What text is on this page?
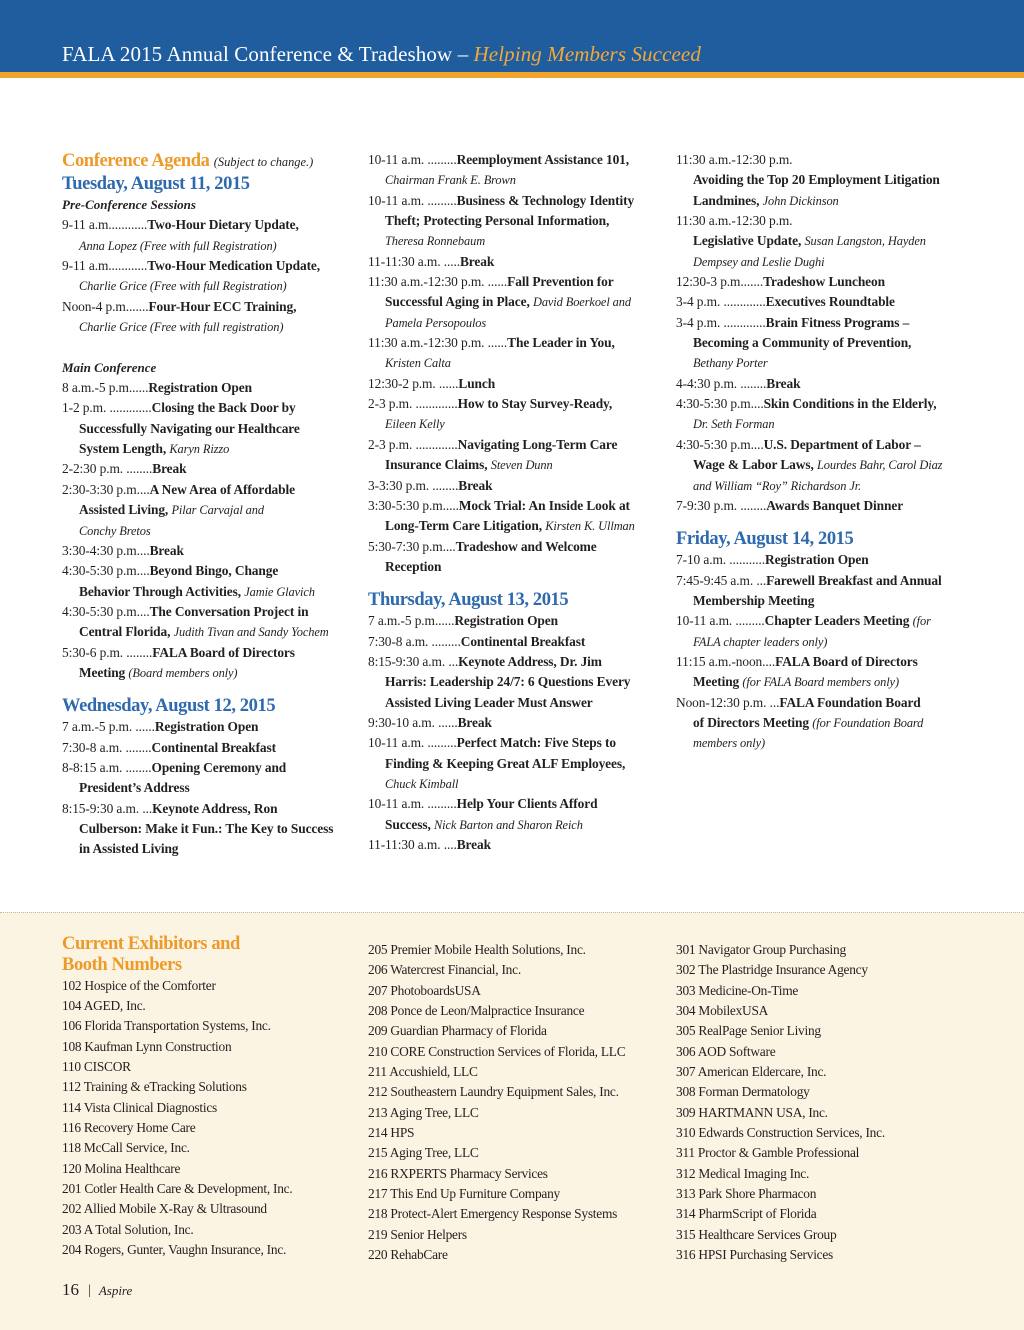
FALA 2015 Annual Conference & Tradeshow – Helping Members Succeed
Conference Agenda (Subject to change.)
Tuesday, August 11, 2015
Pre-Conference Sessions
9-11 a.m............Two-Hour Dietary Update,
Anna Lopez (Free with full Registration)
9-11 a.m............Two-Hour Medication Update,
Charlie Grice (Free with full Registration)
Noon-4 p.m.......Four-Hour ECC Training,
Charlie Grice (Free with full registration)
Main Conference
8 a.m.-5 p.m......Registration Open
1-2 p.m. .............Closing the Back Door by
Successfully Navigating our Healthcare
System Length, Karyn Rizzo
2-2:30 p.m. ........Break
2:30-3:30 p.m....A New Area of Affordable
Assisted Living, Pilar Carvajal and
Conchy Bretos
3:30-4:30 p.m....Break
4:30-5:30 p.m....Beyond Bingo, Change
Behavior Through Activities, Jamie Glavich
4:30-5:30 p.m....The Conversation Project in
Central Florida, Judith Tivan and Sandy Yochem
5:30-6 p.m. ........FALA Board of Directors
Meeting (Board members only)
Wednesday, August 12, 2015
7 a.m.-5 p.m. ......Registration Open
7:30-8 a.m. ........Continental Breakfast
8-8:15 a.m. ........Opening Ceremony and
President’s Address
8:15-9:30 a.m. ...Keynote Address, Ron
Culberson: Make it Fun.: The Key to Success
in Assisted Living
10-11 a.m. .........Reemployment Assistance 101,
Chairman Frank E. Brown
10-11 a.m. .........Business & Technology Identity
Theft; Protecting Personal Information,
Theresa Ronnebaum
11-11:30 a.m. .....Break
11:30 a.m.-12:30 p.m. ......Fall Prevention for
Successful Aging in Place, David Boerkoel and
Pamela Persopoulos
11:30 a.m.-12:30 p.m. ......The Leader in You,
Kristen Calta
12:30-2 p.m. ......Lunch
2-3 p.m. .............How to Stay Survey-Ready,
Eileen Kelly
2-3 p.m. .............Navigating Long-Term Care
Insurance Claims, Steven Dunn
3-3:30 p.m. ........Break
3:30-5:30 p.m.....Mock Trial: An Inside Look at
Long-Term Care Litigation, Kirsten K. Ullman
5:30-7:30 p.m....Tradeshow and Welcome
Reception
Thursday, August 13, 2015
7 a.m.-5 p.m......Registration Open
7:30-8 a.m. .........Continental Breakfast
8:15-9:30 a.m. ...Keynote Address, Dr. Jim
Harris: Leadership 24/7: 6 Questions Every
Assisted Living Leader Must Answer
9:30-10 a.m. ......Break
10-11 a.m. .........Perfect Match: Five Steps to
Finding & Keeping Great ALF Employees,
Chuck Kimball
10-11 a.m. .........Help Your Clients Afford
Success, Nick Barton and Sharon Reich
11-11:30 a.m. ....Break
11:30 a.m.-12:30 p.m.
Avoiding the Top 20 Employment Litigation
Landmines, John Dickinson
11:30 a.m.-12:30 p.m.
Legislative Update, Susan Langston, Hayden
Dempsey and Leslie Dughi
12:30-3 p.m.......Tradeshow Luncheon
3-4 p.m. .............Executives Roundtable
3-4 p.m. .............Brain Fitness Programs –
Becoming a Community of Prevention,
Bethany Porter
4-4:30 p.m. ........Break
4:30-5:30 p.m....Skin Conditions in the Elderly,
Dr. Seth Forman
4:30-5:30 p.m....U.S. Department of Labor –
Wage & Labor Laws, Lourdes Bahr, Carol Diaz
and William “Roy” Richardson Jr.
7-9:30 p.m. ........Awards Banquet Dinner
Friday, August 14, 2015
7-10 a.m. ...........Registration Open
7:45-9:45 a.m. ...Farewell Breakfast and Annual
Membership Meeting
10-11 a.m. .........Chapter Leaders Meeting (for
FALA chapter leaders only)
11:15 a.m.-noon....FALA Board of Directors
Meeting (for FALA Board members only)
Noon-12:30 p.m. ...FALA Foundation Board
of Directors Meeting (for Foundation Board
members only)
Current Exhibitors and
Booth Numbers
102 Hospice of the Comforter
104 AGED, Inc.
106 Florida Transportation Systems, Inc.
108 Kaufman Lynn Construction
110 CISCOR
112 Training & eTracking Solutions
114 Vista Clinical Diagnostics
116 Recovery Home Care
118 McCall Service, Inc.
120 Molina Healthcare
201 Cotler Health Care & Development, Inc.
202 Allied Mobile X-Ray & Ultrasound
203 A Total Solution, Inc.
204 Rogers, Gunter, Vaughn Insurance, Inc.
205 Premier Mobile Health Solutions, Inc.
206 Watercrest Financial, Inc.
207 PhotoboardsUSA
208 Ponce de Leon/Malpractice Insurance
209 Guardian Pharmacy of Florida
210 CORE Construction Services of Florida, LLC
211 Accushield, LLC
212 Southeastern Laundry Equipment Sales, Inc.
213 Aging Tree, LLC
214 HPS
215 Aging Tree, LLC
216 RXPERTS Pharmacy Services
217 This End Up Furniture Company
218 Protect-Alert Emergency Response Systems
219 Senior Helpers
220 RehabCare
301 Navigator Group Purchasing
302 The Plastridge Insurance Agency
303 Medicine-On-Time
304 MobilexUSA
305 RealPage Senior Living
306 AOD Software
307 American Eldercare, Inc.
308 Forman Dermatology
309 HARTMANN USA, Inc.
310 Edwards Construction Services, Inc.
311 Proctor & Gamble Professional
312 Medical Imaging Inc.
313 Park Shore Pharmacon
314 PharmScript of Florida
315 Healthcare Services Group
316 HPSI Purchasing Services
16 | Aspire
